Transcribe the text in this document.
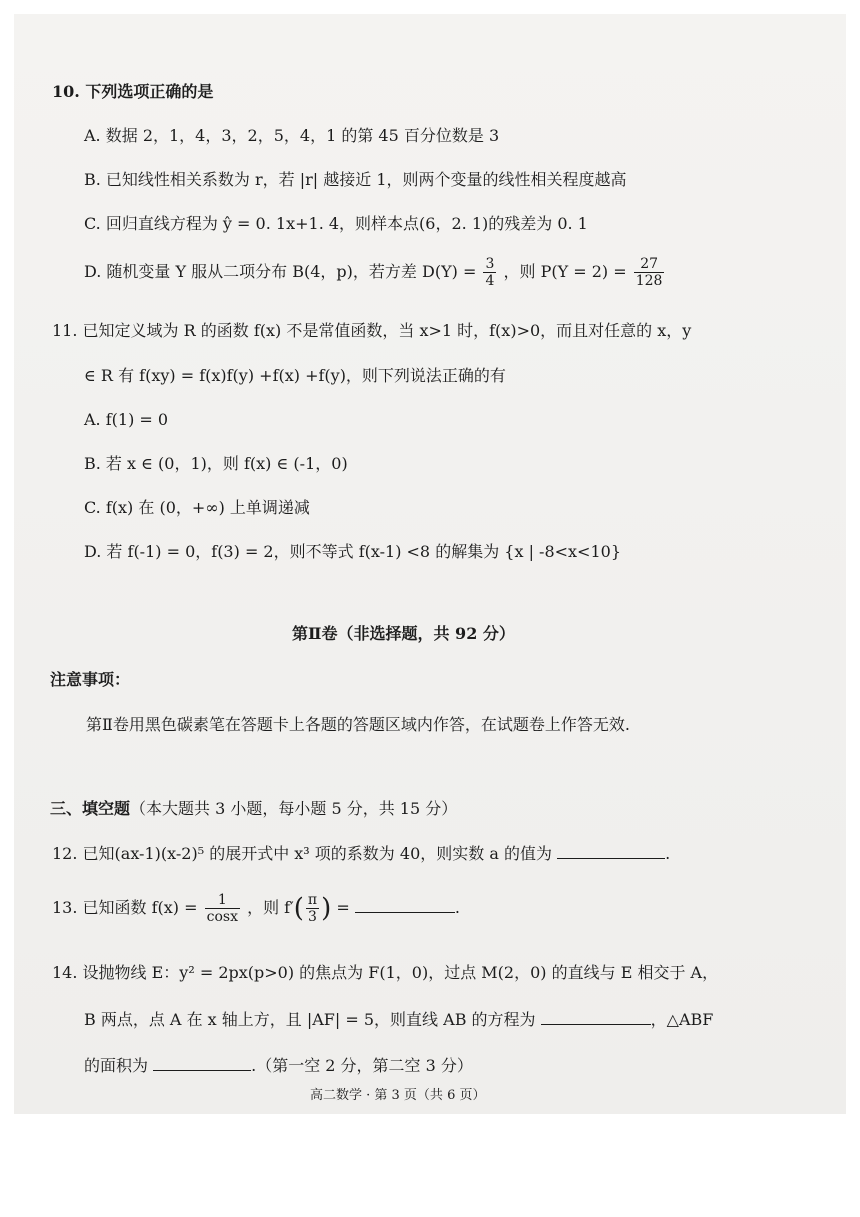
10. 下列选项正确的是
A. 数据 2，1，4，3，2，5，4，1 的第 45 百分位数是 3
B. 已知线性相关系数为 r，若 |r| 越接近 1，则两个变量的线性相关程度越高
C. 回归直线方程为 ŷ = 0. 1x+1. 4，则样本点(6，2. 1)的残差为 0. 1
D. 随机变量 Y 服从二项分布 B(4，p)，若方差 $D(Y) = \frac{3}{4}$ ，则 $P(Y = 2) = \frac{27}{128}$
11. 已知定义域为 R 的函数 f(x) 不是常值函数，当 x>1 时，f(x)>0，而且对任意的 x，y
∈ R 有 f(xy) = f(x)f(y) +f(x) +f(y)，则下列说法正确的有
A. f(1) = 0
B. 若 x ∈ (0，1)，则 f(x) ∈ (-1，0)
C. f(x) 在 (0，+∞) 上单调递减
D. 若 f(-1) = 0，f(3) = 2，则不等式 f(x-1) <8 的解集为 {x | -8<x<10}
第Ⅱ卷（非选择题，共 92 分）
注意事项：
第Ⅱ卷用黑色碳素笔在答题卡上各题的答题区域内作答，在试题卷上作答无效.
三、填空题（本大题共 3 小题，每小题 5 分，共 15 分）
12. 已知(ax-1)(x-2)⁵ 的展开式中 x³ 项的系数为 40，则实数 a 的值为	.
13. 已知函数 $f(x) = \frac{1}{\cos x}$ ，则 $f'( \frac{\pi}{3}$ ) =	.
14. 设抛物线 E：y² = 2px(p>0) 的焦点为 F(1，0)，过点 M(2，0) 的直线与 E 相交于 A，
B 两点，点 A 在 x 轴上方，且 |AF| = 5，则直线 AB 的方程为	，△ABF
的面积为	.（第一空 2 分，第二空 3 分）
高二数学 · 第 3 页（共 6 页）
